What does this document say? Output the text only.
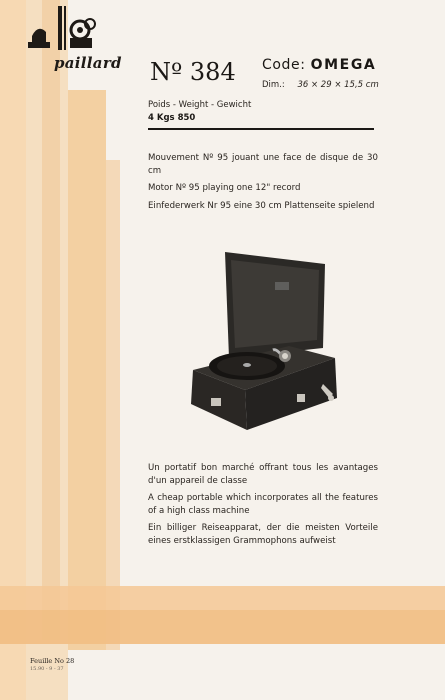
paillard Nº 384 Code: OMEGA
Dim.: 36 × 29 × 15,5 cm
Poids - Weight - Gewicht
4 Kgs 850
Mouvement Nº 95 jouant une face de disque de 30 cm
Motor Nº 95 playing one 12" record
Einfederwerk Nr 95 eine 30 cm Plattenseite spielend
Un portatif bon marché offrant tous les avantages d'un appareil de classe
A cheap portable which incorporates all the features of a high class machine
Ein billiger Reiseapparat, der die meisten Vorteile eines erstklassigen Grammophons aufweist
Feuille No 28
15.90 - 9 - 37
